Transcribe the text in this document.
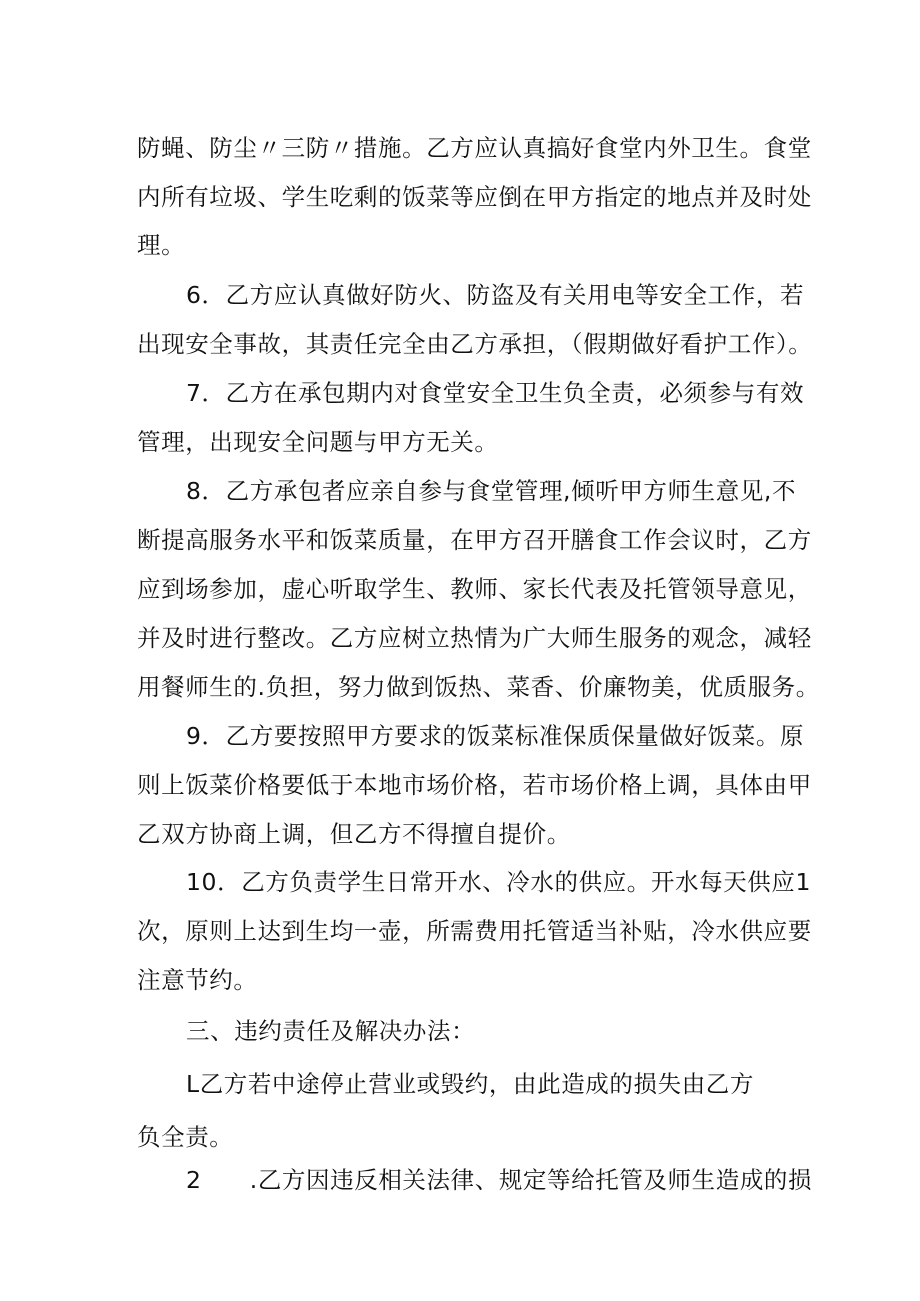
防蝇、防尘〃三防〃措施。乙方应认真搞好食堂内外卫生。食堂
内所有垃圾、学生吃剩的饭菜等应倒在甲方指定的地点并及时处
理。
6．乙方应认真做好防火、防盗及有关用电等安全工作，若
出现安全事故，其责任完全由乙方承担，（假期做好看护工作）。
7．乙方在承包期内对食堂安全卫生负全责，必须参与有效
管理，出现安全问题与甲方无关。
8．乙方承包者应亲自参与食堂管理,倾听甲方师生意见,不
断提高服务水平和饭菜质量，在甲方召开膳食工作会议时，乙方
应到场参加，虚心听取学生、教师、家长代表及托管领导意见，
并及时进行整改。乙方应树立热情为广大师生服务的观念，减轻
用餐师生的.负担，努力做到饭热、菜香、价廉物美，优质服务。
9．乙方要按照甲方要求的饭菜标准保质保量做好饭菜。原
则上饭菜价格要低于本地市场价格，若市场价格上调，具体由甲
乙双方协商上调，但乙方不得擅自提价。
10．乙方负责学生日常开水、冷水的供应。开水每天供应1
次，原则上达到生均一壶，所需费用托管适当补贴，冷水供应要
注意节约。
三、违约责任及解决办法：
L乙方若中途停止营业或毁约，由此造成的损失由乙方
负全责。
2　　.乙方因违反相关法律、规定等给托管及师生造成的损
